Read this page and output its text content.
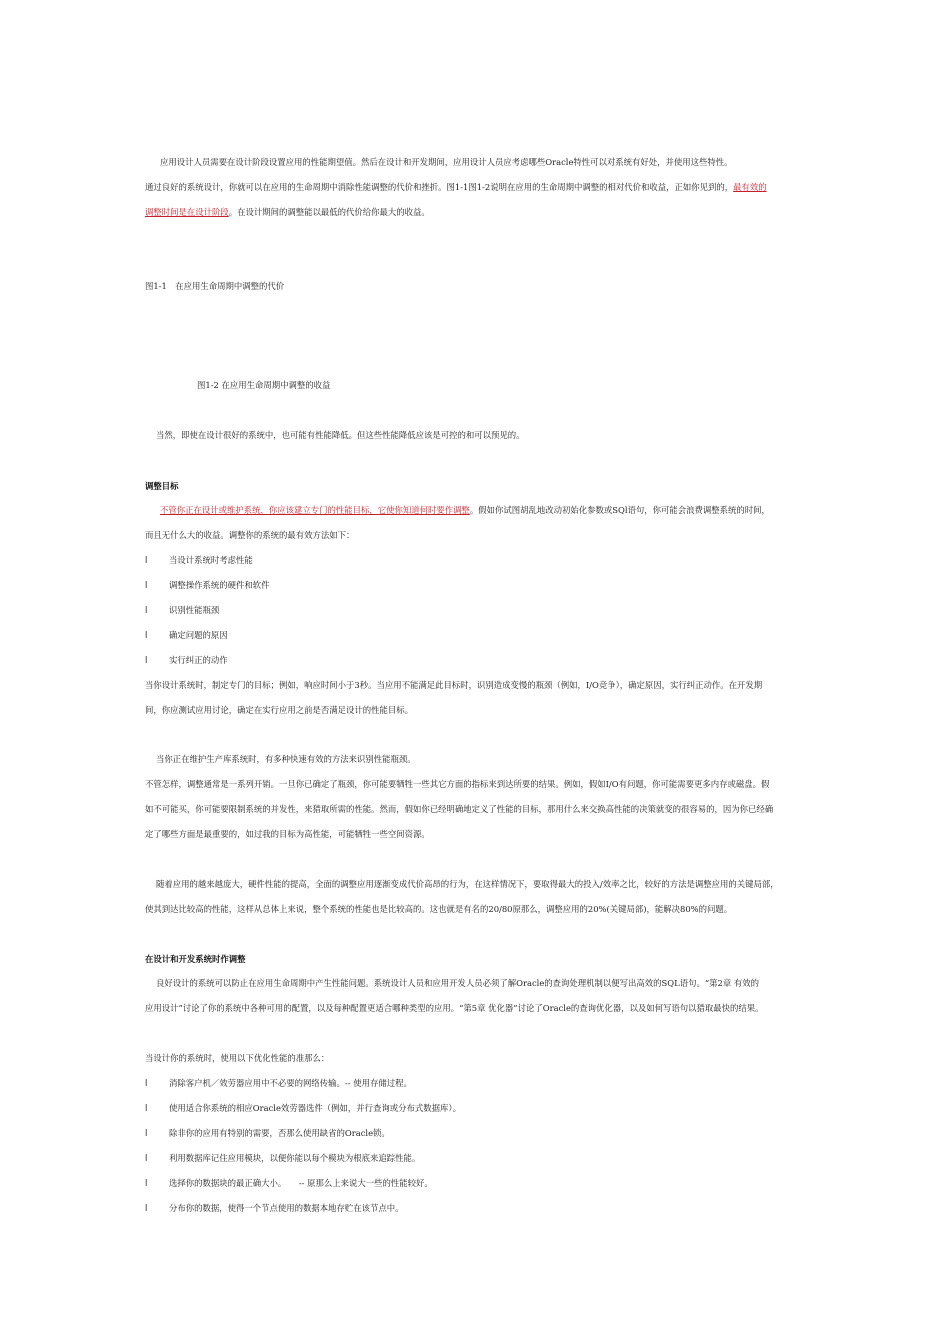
应用设计人员需要在设计阶段设置应用的性能期望值。然后在设计和开发期间，应用设计人员应考虑哪些Oracle特性可以对系统有好处，并使用这些特性。
通过良好的系统设计，你就可以在应用的生命周期中消除性能调整的代价和挫折。图1-1图1-2说明在应用的生命周期中调整的相对代价和收益，正如你见到的，最有效的
调整时间是在设计阶段。在设计期间的调整能以最低的代价给你最大的收益。
图1-1　在应用生命周期中调整的代价
图1-2 在应用生命周期中调整的收益
当然，即使在设计很好的系统中，也可能有性能降低。但这些性能降低应该是可控的和可以预见的。
调整目标
不管你正在设计或维护系统，你应该建立专门的性能目标，它使你知道何时要作调整。假如你试图胡乱地改动初始化参数或SQl语句，你可能会浪费调整系统的时间，
而且无什么大的收益。调整你的系统的最有效方法如下：
l	当设计系统时考虑性能
l	调整操作系统的硬件和软件
l	识别性能瓶颈
l	确定问题的原因
l	实行纠正的动作
当你设计系统时，制定专门的目标；例如，响应时间小于3秒。当应用不能满足此目标时，识别造成变慢的瓶颈（例如，I/O竞争），确定原因，实行纠正动作。在开发期
间，你应测试应用讨论，确定在实行应用之前是否满足设计的性能目标。
当你正在维护生产库系统时，有多种快速有效的方法来识别性能瓶颈。
不管怎样，调整通常是一系列开销。一旦你已确定了瓶颈，你可能要牺牲一些其它方面的指标来到达所要的结果。例如，假如I/O有问题，你可能需要更多内存或磁盘。假
如不可能买，你可能要限制系统的并发性，来猎取所需的性能。然而，假如你已经明确地定义了性能的目标，那用什么来交换高性能的决策就变的很容易的，因为你已经确
定了哪些方面是最重要的，如过我的目标为高性能，可能牺牲一些空间资源。
随着应用的越来越庞大，硬件性能的提高，全面的调整应用逐渐变成代价高昂的行为，在这样情况下，要取得最大的投入/效率之比，较好的方法是调整应用的关键局部，
使其到达比较高的性能，这样从总体上来说，整个系统的性能也是比较高的。这也就是有名的20/80原那么，调整应用的20%(关键局部)，能解决80%的问题。
在设计和开发系统时作调整
良好设计的系统可以防止在应用生命周期中产生性能问题。系统设计人员和应用开发人员必须了解Oracle的查询处理机制以便写出高效的SQL语句。“第2章 有效的
应用设计”讨论了你的系统中各种可用的配置，以及每种配置更适合哪种类型的应用。“第5章 优化器”讨论了Oracle的查询优化器，以及如何写语句以猎取最快的结果。
当设计你的系统时，使用以下优化性能的准那么：
l	消除客户机／效劳器应用中不必要的网络传输。-- 使用存储过程。
l	使用适合你系统的相应Oracle效劳器选件（例如，并行查询或分布式数据库）。
l	除非你的应用有特别的需要，否那么使用缺省的Oracle锁。
l	利用数据库记住应用模块，以便你能以每个模块为根底来追踪性能。
l	选择你的数据块的最正确大小。　　-- 原那么上来说大一些的性能较好。
l	分布你的数据，使得一个节点使用的数据本地存贮在该节点中。
